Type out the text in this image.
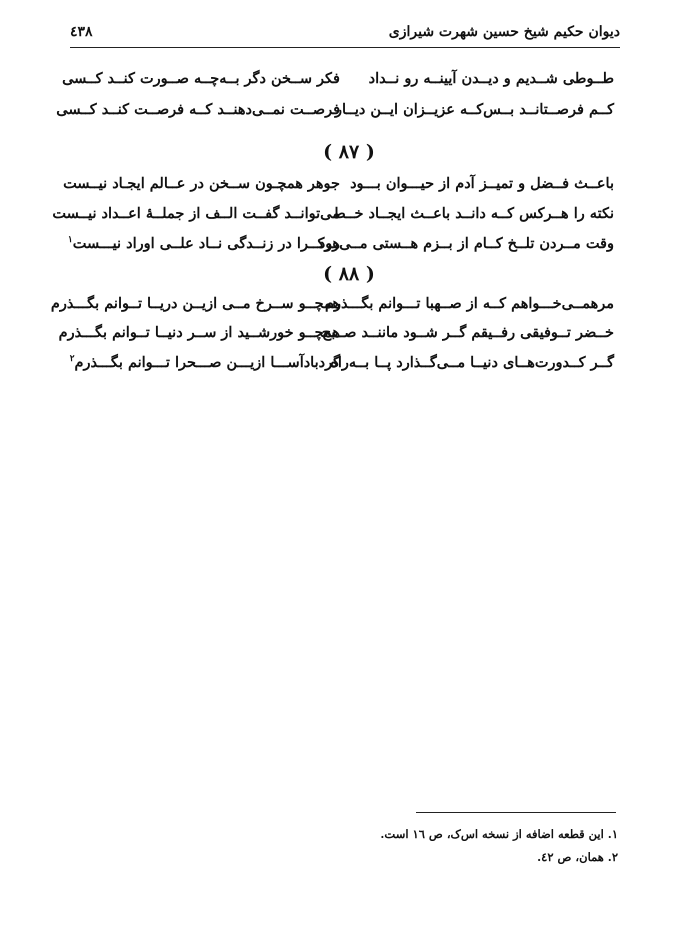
دیوان حکیم شیخ حسین شهرت شیرازی
٤٣٨
طــوطی شــدیم و دیــدن آیینــه رو نــداد
فکر ســخن دگر بــه‌چــه صــورت کنــد کــسی
کــم فرصــتانــد بــس‌کــه عزیــزان ایــن دیــار
فرصــت نمــی‌دهنــد کــه فرصــت کنــد کــسی
( ۸۷ )
باعــث فــضل و تمیــز آدم از حیـــوان بـــود
جوهر همچـون ســخن در عــالم ایجـاد نیــست
نکته را هــرکس کــه دانــد باعــث ایجــاد خــط
می‌توانــد گفــت الــف از جملــهٔ اعــداد نیــست
وقت مــردن تلــخ کــام از بــزم هــستی مــی‌رود
هرکــرا در زنــدگی نــاد علــی اوراد نیـــست$^١$
( ۸۸ )
مرهمــی‌خـــواهم کــه از صــهبا تـــوانم بگـــذرم
همچــو ســرخ مــی ازیــن دریــا تــوانم بگـــذرم
خــضر تــوفیقی رفــیقم گــر شــود ماننــد صــبح
همچــو خورشــید از ســر دنیــا تــوانم بگـــذرم
گــر کــدورت‌هــای دنیــا مــی‌گــذارد پــا بــه‌راه
گردبادآســـا ازیـــن صـــحرا تـــوانم بگـــذرم$^٢$
١. این قطعه اضافه از نسخه اس‌ک، ص ١٦ است.
٢. همان، ص ٤٢.
